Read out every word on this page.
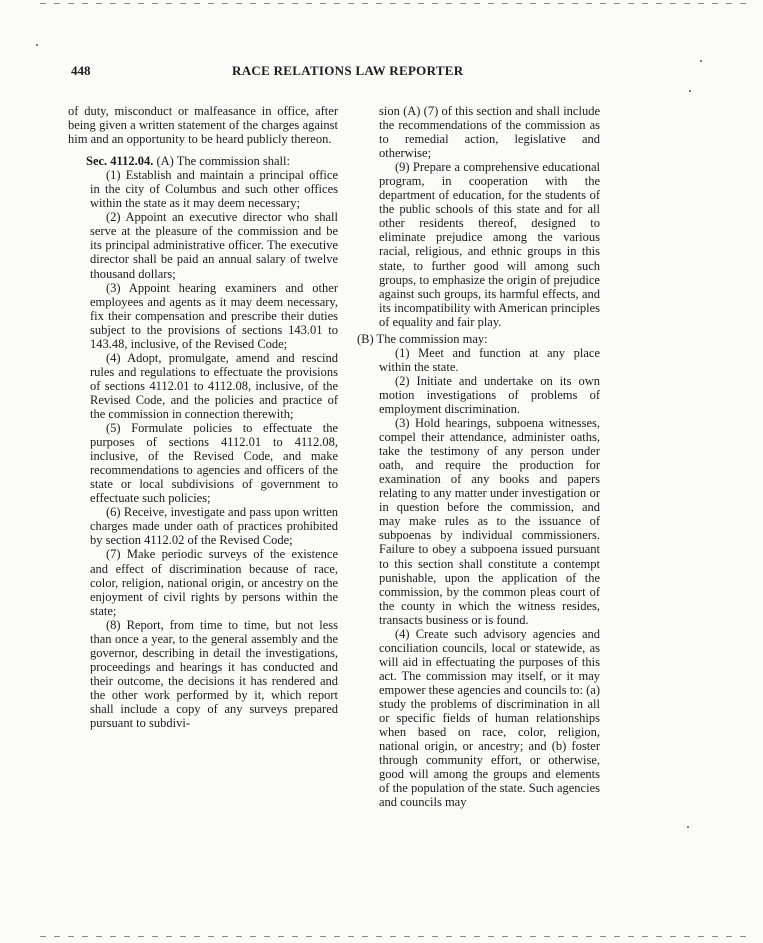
448	RACE RELATIONS LAW REPORTER

of duty, misconduct or malfeasance in office, after being given a written statement of the charges against him and an opportunity to be heard publicly thereon.

Sec. 4112.04. (A) The commission shall:

(1) Establish and maintain a principal office in the city of Columbus and such other offices within the state as it may deem necessary;

(2) Appoint an executive director who shall serve at the pleasure of the commission and be its principal administrative officer. The executive director shall be paid an annual salary of twelve thousand dollars;

(3) Appoint hearing examiners and other employees and agents as it may deem necessary, fix their compensation and prescribe their duties subject to the provisions of sections 143.01 to 143.48, inclusive, of the Revised Code;

(4) Adopt, promulgate, amend and rescind rules and regulations to effectuate the provisions of sections 4112.01 to 4112.08, inclusive, of the Revised Code, and the policies and practice of the commission in connection therewith;

(5) Formulate policies to effectuate the purposes of sections 4112.01 to 4112.08, inclusive, of the Revised Code, and make recommendations to agencies and officers of the state or local subdivisions of government to effectuate such policies;

(6) Receive, investigate and pass upon written charges made under oath of practices prohibited by section 4112.02 of the Revised Code;

(7) Make periodic surveys of the existence and effect of discrimination because of race, color, religion, national origin, or ancestry on the enjoyment of civil rights by persons within the state;

(8) Report, from time to time, but not less than once a year, to the general assembly and the governor, describing in detail the investigations, proceedings and hearings it has conducted and their outcome, the decisions it has rendered and the other work performed by it, which report shall include a copy of any surveys prepared pursuant to subdivi-

sion (A) (7) of this section and shall include the recommendations of the commission as to remedial action, legislative and otherwise;

(9) Prepare a comprehensive educational program, in cooperation with the department of education, for the students of the public schools of this state and for all other residents thereof, designed to eliminate prejudice among the various racial, religious, and ethnic groups in this state, to further good will among such groups, to emphasize the origin of prejudice against such groups, its harmful effects, and its incompatibility with American principles of equality and fair play.

(B) The commission may:

(1) Meet and function at any place within the state.

(2) Initiate and undertake on its own motion investigations of problems of employment discrimination.

(3) Hold hearings, subpoena witnesses, compel their attendance, administer oaths, take the testimony of any person under oath, and require the production for examination of any books and papers relating to any matter under investigation or in question before the commission, and may make rules as to the issuance of subpoenas by individual commissioners. Failure to obey a subpoena issued pursuant to this section shall constitute a contempt punishable, upon the application of the commission, by the common pleas court of the county in which the witness resides, transacts business or is found.

(4) Create such advisory agencies and conciliation councils, local or statewide, as will aid in effectuating the purposes of this act. The commission may itself, or it may empower these agencies and councils to: (a) study the problems of discrimination in all or specific fields of human relationships when based on race, color, religion, national origin, or ancestry; and (b) foster through community effort, or otherwise, good will among the groups and elements of the population of the state. Such agencies and councils may
